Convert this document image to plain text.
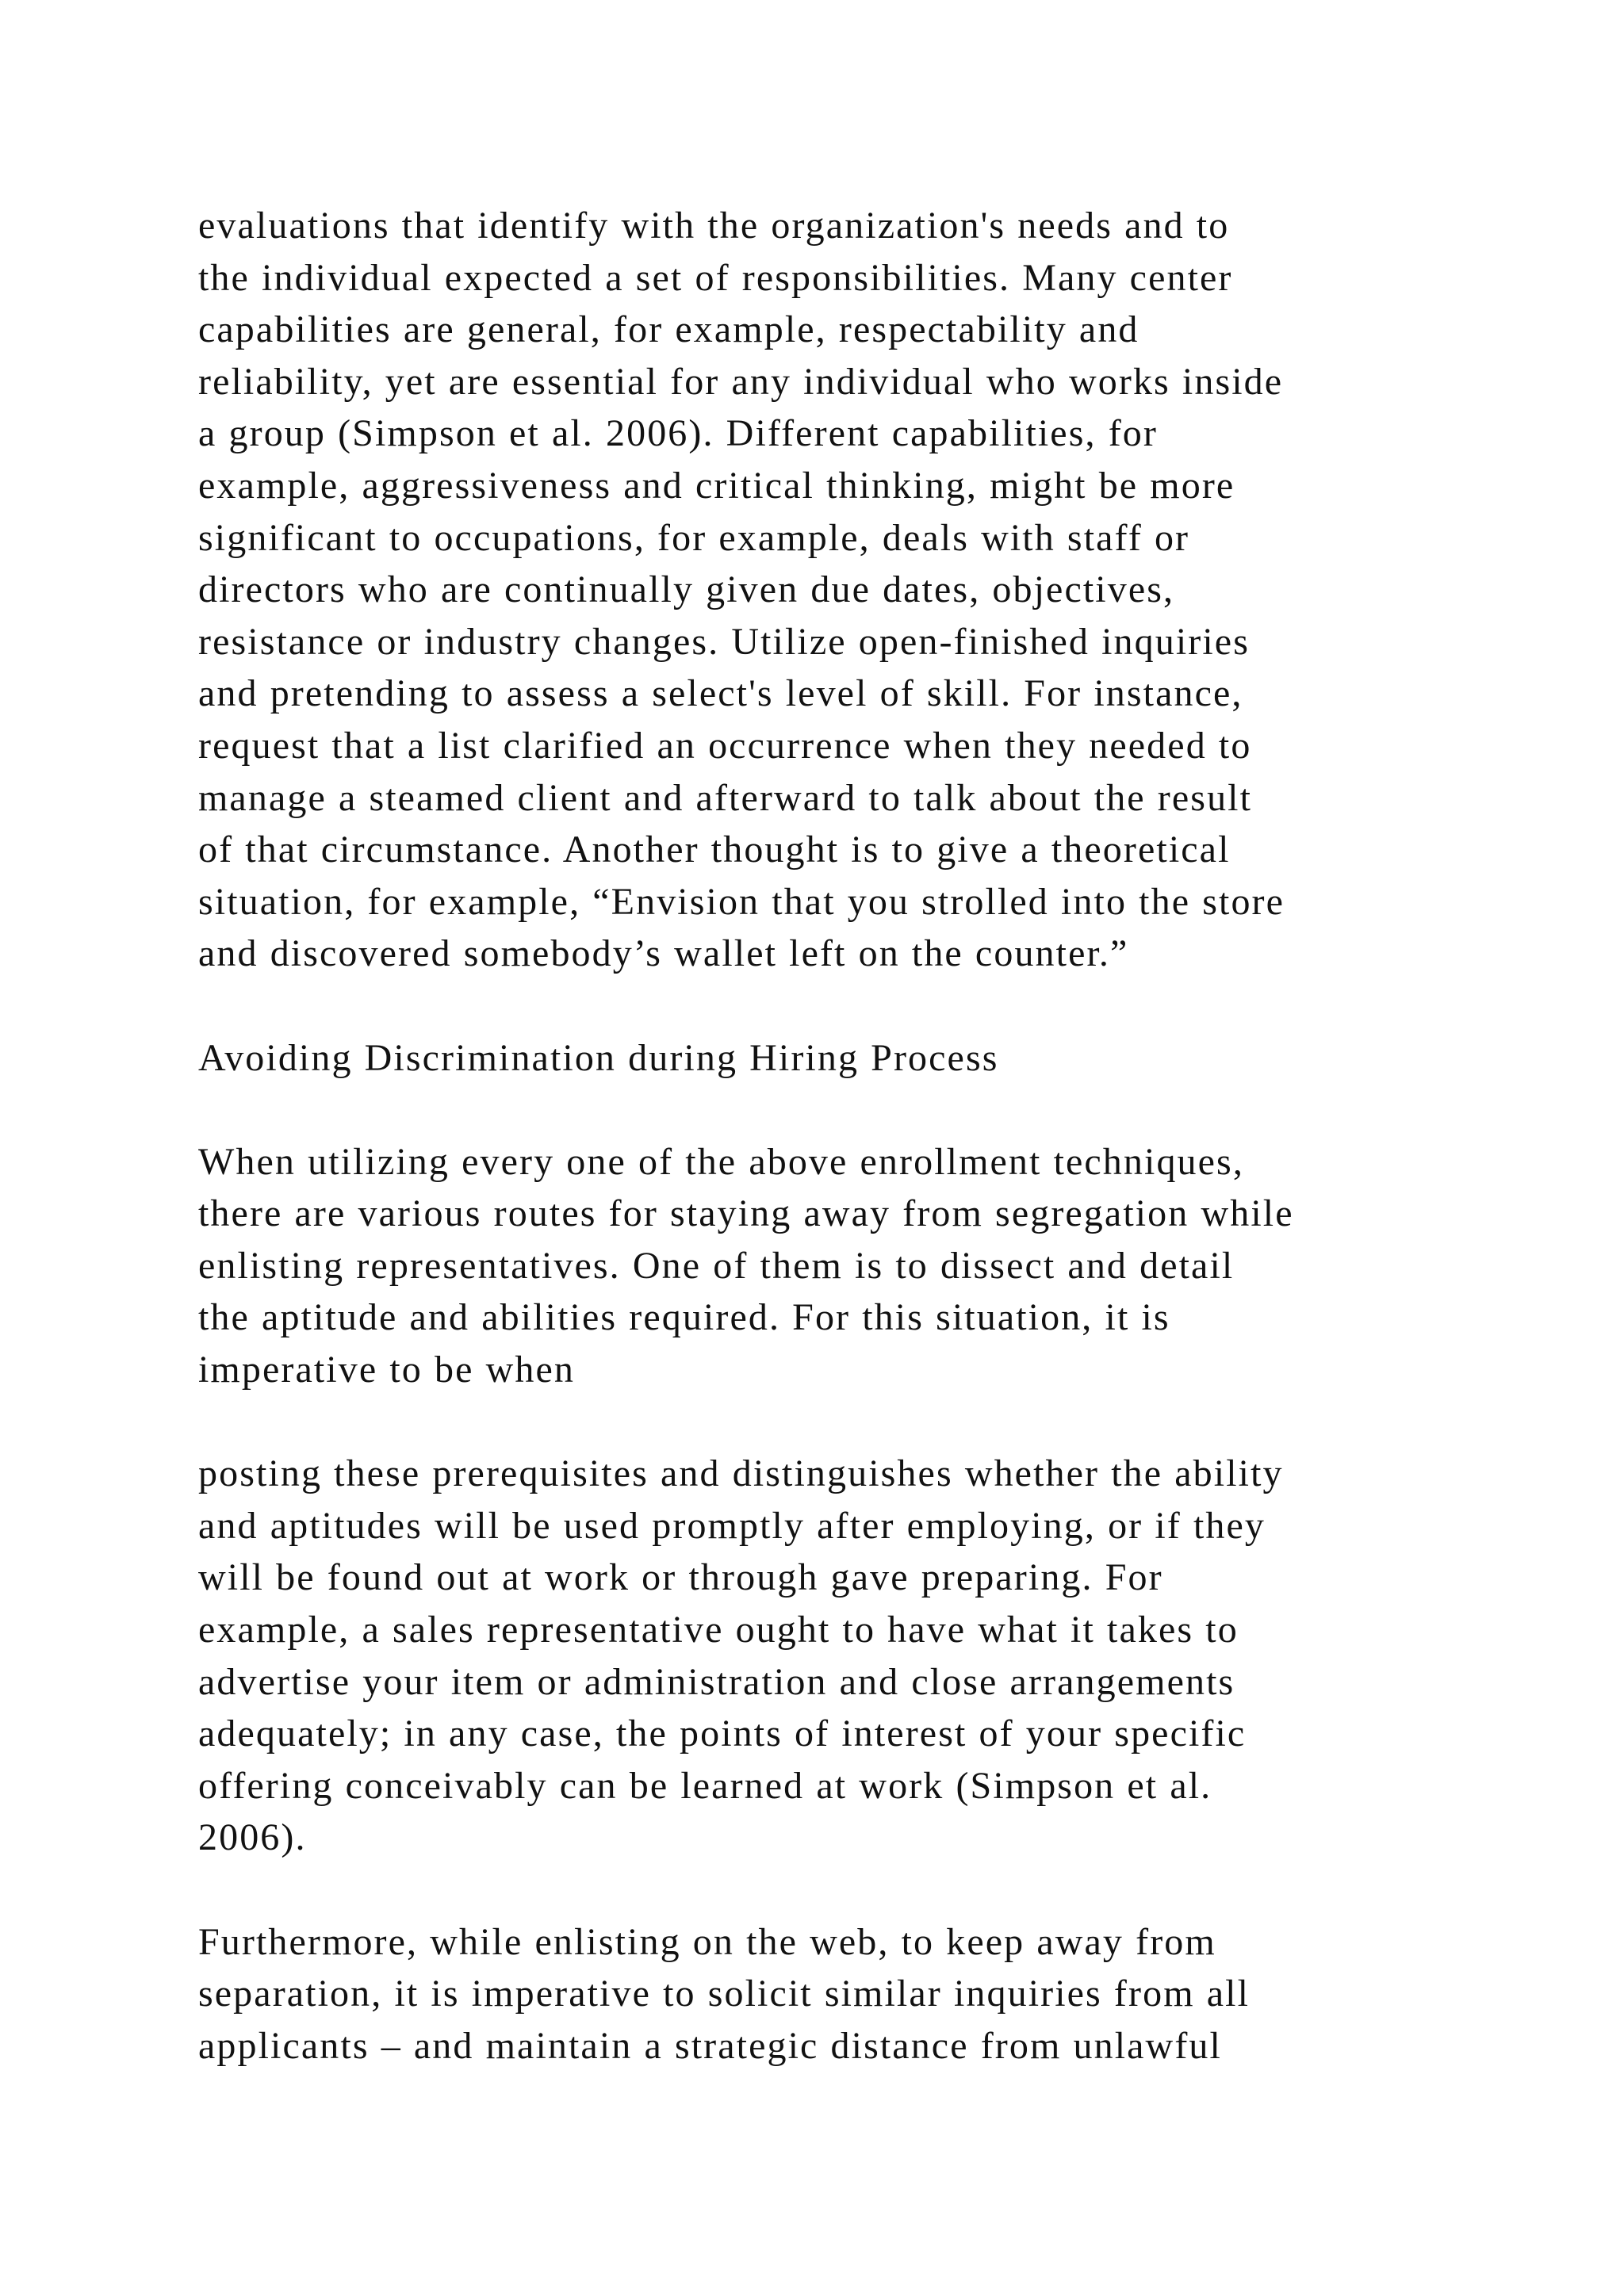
evaluations that identify with the organization's needs and to
the individual expected a set of responsibilities. Many center
capabilities are general, for example, respectability and
reliability, yet are essential for any individual who works inside
a group (Simpson et al. 2006). Different capabilities, for
example, aggressiveness and critical thinking, might be more
significant to occupations, for example, deals with staff or
directors who are continually given due dates, objectives,
resistance or industry changes. Utilize open-finished inquiries
and pretending to assess a select's level of skill. For instance,
request that a list clarified an occurrence when they needed to
manage a steamed client and afterward to talk about the result
of that circumstance. Another thought is to give a theoretical
situation, for example, “Envision that you strolled into the store
and discovered somebody’s wallet left on the counter.”
Avoiding Discrimination during Hiring Process
When utilizing every one of the above enrollment techniques,
there are various routes for staying away from segregation while
enlisting representatives. One of them is to dissect and detail
the aptitude and abilities required. For this situation, it is
imperative to be when
posting these prerequisites and distinguishes whether the ability
and aptitudes will be used promptly after employing, or if they
will be found out at work or through gave preparing. For
example, a sales representative ought to have what it takes to
advertise your item or administration and close arrangements
adequately; in any case, the points of interest of your specific
offering conceivably can be learned at work (Simpson et al.
2006).
Furthermore, while enlisting on the web, to keep away from
separation, it is imperative to solicit similar inquiries from all
applicants – and maintain a strategic distance from unlawful
